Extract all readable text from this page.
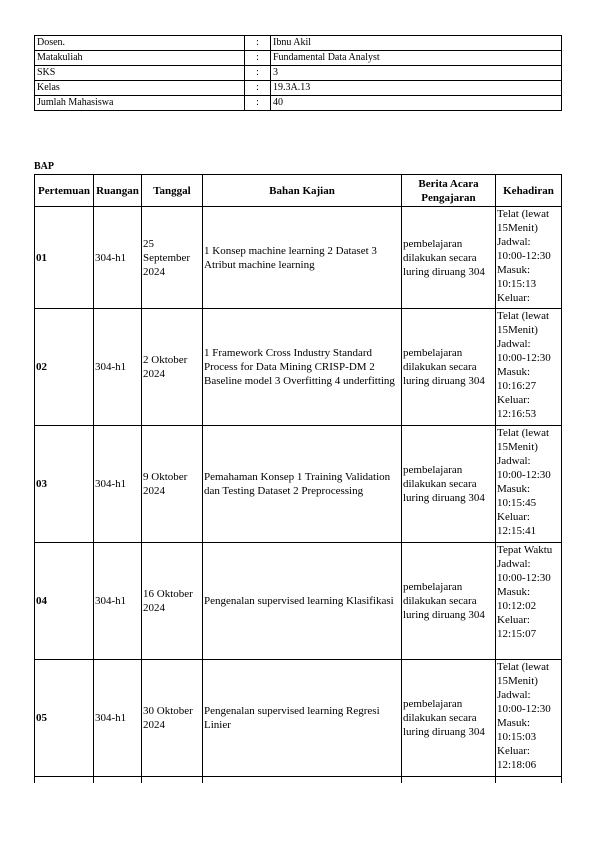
Dosen.	:	Ibnu Akil
Matakuliah	:	Fundamental Data Analyst
SKS	:	3
Kelas	:	19.3A.13
Jumlah Mahasiswa	:	40
BAP
Pertemuan	Ruangan	Tanggal	Bahan Kajian	Berita Acara Pengajaran	Kehadiran
01	304-h1	25 September 2024	1 Konsep machine learning 2 Dataset 3 Atribut machine learning	pembelajaran dilakukan secara luring diruang 304	Telat (lewat 15Menit) Jadwal: 10:00-12:30 Masuk: 10:15:13 Keluar:
02	304-h1	2 Oktober 2024	1 Framework Cross Industry Standard Process for Data Mining CRISP-DM 2 Baseline model 3 Overfitting 4 underfitting	pembelajaran dilakukan secara luring diruang 304	Telat (lewat 15Menit) Jadwal: 10:00-12:30 Masuk: 10:16:27 Keluar: 12:16:53
03	304-h1	9 Oktober 2024	Pemahaman Konsep 1 Training Validation dan Testing Dataset 2 Preprocessing	pembelajaran dilakukan secara luring diruang 304	Telat (lewat 15Menit) Jadwal: 10:00-12:30 Masuk: 10:15:45 Keluar: 12:15:41
04	304-h1	16 Oktober 2024	Pengenalan supervised learning Klasifikasi	pembelajaran dilakukan secara luring diruang 304	Tepat Waktu Jadwal: 10:00-12:30 Masuk: 10:12:02 Keluar: 12:15:07
05	304-h1	30 Oktober 2024	Pengenalan supervised learning Regresi Linier	pembelajaran dilakukan secara luring diruang 304	Telat (lewat 15Menit) Jadwal: 10:00-12:30 Masuk: 10:15:03 Keluar: 12:18:06
